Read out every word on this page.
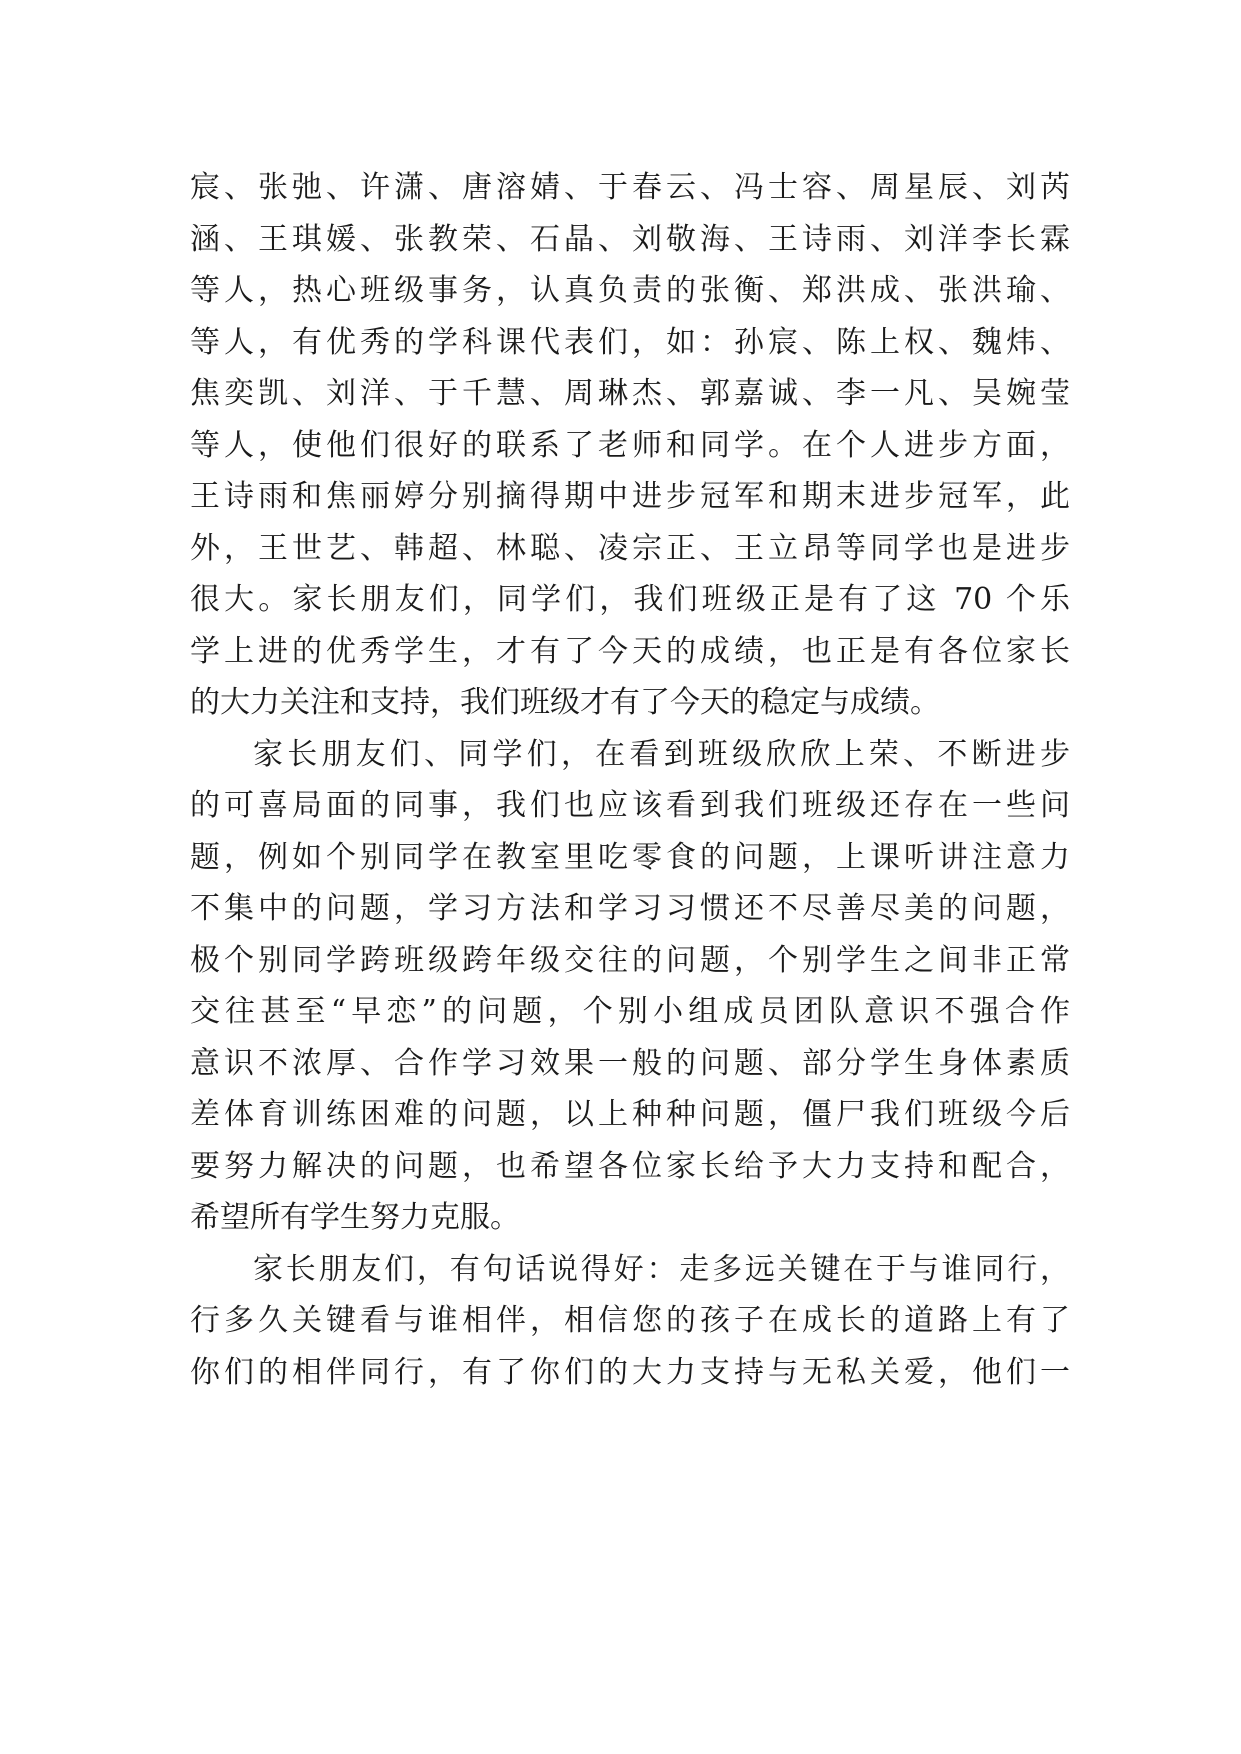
宸、张弛、许潇、唐溶婧、于春云、冯士容、周星辰、刘芮
涵、王琪媛、张教荣、石晶、刘敬海、王诗雨、刘洋李长霖
等人，热心班级事务，认真负责的张衡、郑洪成、张洪瑜、
等人，有优秀的学科课代表们，如：孙宸、陈上权、魏炜、
焦奕凯、刘洋、于千慧、周琳杰、郭嘉诚、李一凡、吴婉莹
等人，使他们很好的联系了老师和同学。在个人进步方面，
王诗雨和焦丽婷分别摘得期中进步冠军和期末进步冠军，此
外，王世艺、韩超、林聪、凌宗正、王立昂等同学也是进步
很大。家长朋友们，同学们，我们班级正是有了这 70 个乐
学上进的优秀学生，才有了今天的成绩，也正是有各位家长
的大力关注和支持，我们班级才有了今天的稳定与成绩。
家长朋友们、同学们，在看到班级欣欣上荣、不断进步
的可喜局面的同事，我们也应该看到我们班级还存在一些问
题，例如个别同学在教室里吃零食的问题，上课听讲注意力
不集中的问题，学习方法和学习习惯还不尽善尽美的问题，
极个别同学跨班级跨年级交往的问题，个别学生之间非正常
交往甚至“早恋”的问题，个别小组成员团队意识不强合作
意识不浓厚、合作学习效果一般的问题、部分学生身体素质
差体育训练困难的问题，以上种种问题，僵尸我们班级今后
要努力解决的问题，也希望各位家长给予大力支持和配合，
希望所有学生努力克服。
家长朋友们，有句话说得好：走多远关键在于与谁同行，
行多久关键看与谁相伴，相信您的孩子在成长的道路上有了
你们的相伴同行，有了你们的大力支持与无私关爱，他们一
